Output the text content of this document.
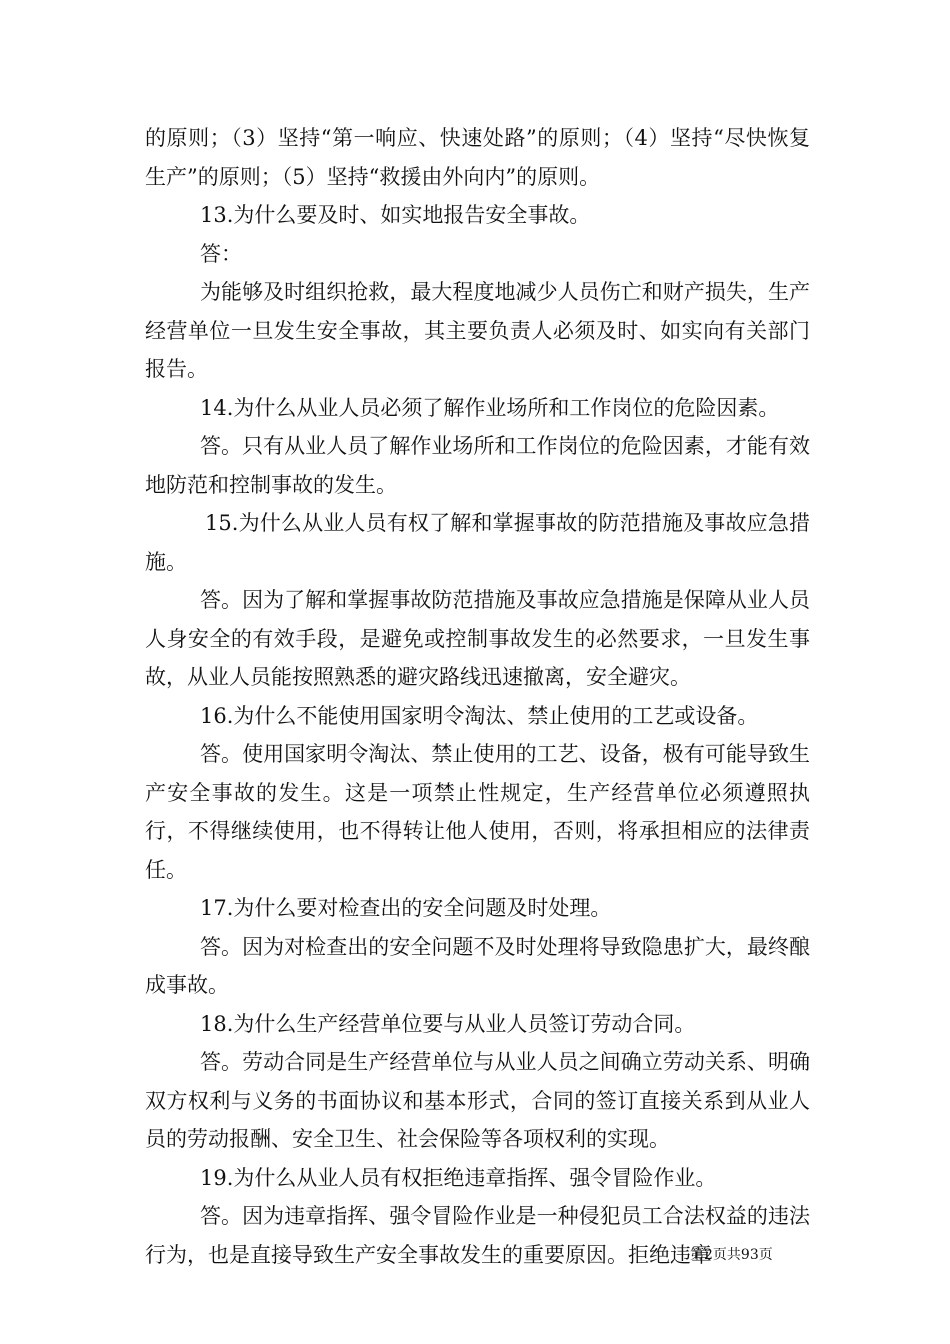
的原则；（3）坚持“第一响应、快速处路”的原则；（4）坚持“尽快恢复生产”的原则；（5）坚持“救援由外向内”的原则。

13.为什么要及时、如实地报告安全事故。

答：

为能够及时组织抢救，最大程度地减少人员伤亡和财产损失，生产经营单位一旦发生安全事故，其主要负责人必须及时、如实向有关部门报告。

14.为什么从业人员必须了解作业场所和工作岗位的危险因素。

答。只有从业人员了解作业场所和工作岗位的危险因素，才能有效地防范和控制事故的发生。

15.为什么从业人员有权了解和掌握事故的防范措施及事故应急措施。

答。因为了解和掌握事故防范措施及事故应急措施是保障从业人员人身安全的有效手段，是避免或控制事故发生的必然要求，一旦发生事故，从业人员能按照熟悉的避灾路线迅速撤离，安全避灾。

16.为什么不能使用国家明令淘汰、禁止使用的工艺或设备。

答。使用国家明令淘汰、禁止使用的工艺、设备，极有可能导致生产安全事故的发生。这是一项禁止性规定，生产经营单位必须遵照执行，不得继续使用，也不得转让他人使用，否则，将承担相应的法律责任。

17.为什么要对检查出的安全问题及时处理。

答。因为对检查出的安全问题不及时处理将导致隐患扩大，最终酿成事故。

18.为什么生产经营单位要与从业人员签订劳动合同。

答。劳动合同是生产经营单位与从业人员之间确立劳动关系、明确双方权利与义务的书面协议和基本形式，合同的签订直接关系到从业人员的劳动报酬、安全卫生、社会保险等各项权利的实现。

19.为什么从业人员有权拒绝违章指挥、强令冒险作业。

答。因为违章指挥、强令冒险作业是一种侵犯员工合法权益的违法行为，也是直接导致生产安全事故发生的重要原因。拒绝违章

第2页共93页
